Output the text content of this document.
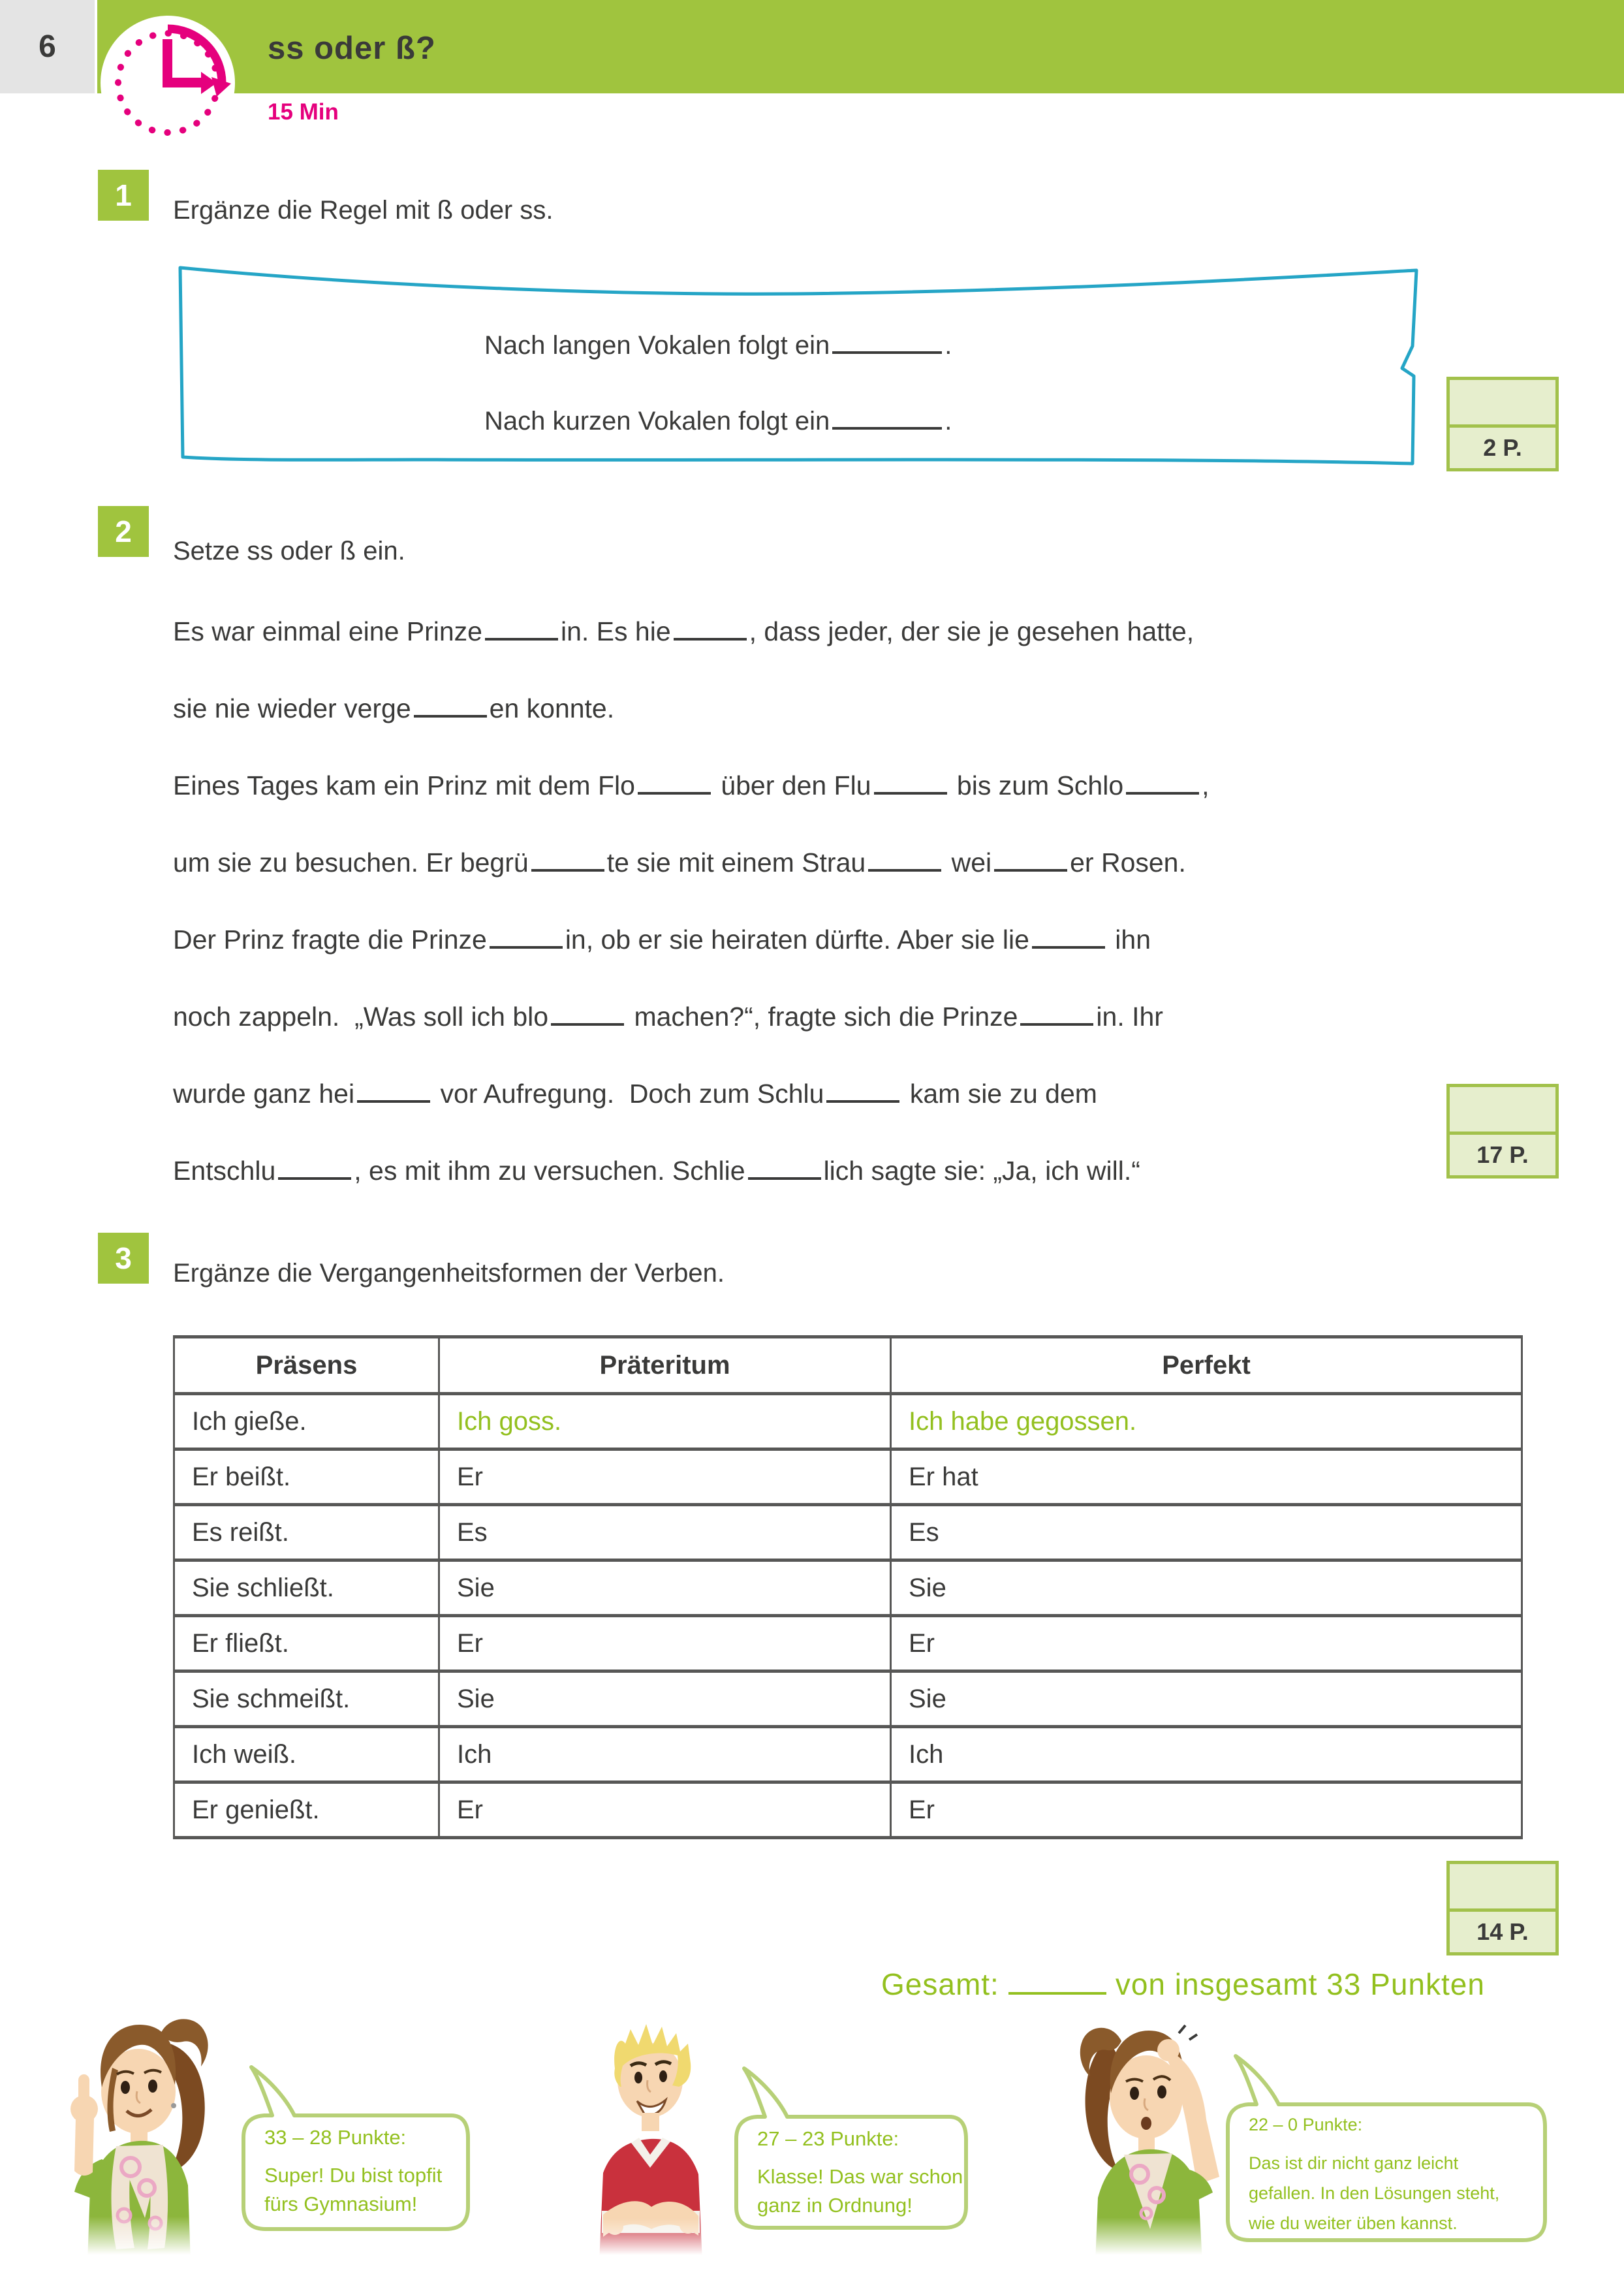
6	ss oder ß?
15 Min
1	Ergänze die Regel mit ß oder ss.
Nach langen Vokalen folgt ein	.
Nach kurzen Vokalen folgt ein	.
2 P.
2
Setze ss oder ß ein.
Es war einmal eine Prinze	in. Es hie	, dass jeder, der sie je gesehen hatte,
sie nie wieder verge	en konnte.
Eines Tages kam ein Prinz mit dem Flo	über den Flu	bis zum Schlo	,
um sie zu besuchen. Er begrü	te sie mit einem Strau	wei	er Rosen.
Der Prinz fragte die Prinze	in, ob er sie heiraten dürfte. Aber sie lie	ihn
noch zappeln.  „Was soll ich blo	machen?“, fragte sich die Prinze	in. Ihr
wurde ganz hei	vor Aufregung.  Doch zum Schlu	kam sie zu dem
Entschlu	, es mit ihm zu versuchen. Schlie	lich sagte sie: „Ja, ich will.“
17 P.
3	Ergänze die Vergangenheitsformen der Verben.
Präsens	Präteritum	Perfekt
Ich gieße.	Ich goss.	Ich habe gegossen.
Er beißt.	Er	Er hat
Es reißt.	Es	Es
Sie schließt.	Sie	Sie
Er fließt.	Er	Er
Sie schmeißt.	Sie	Sie
Ich weiß.	Ich	Ich
Er genießt.	Er	Er
14 P.
Gesamt:	von insgesamt 33 Punkten

33 – 28 Punkte:

Super! Du bist topfit

fürs Gymnasium!

27 – 23 Punkte:

Klasse! Das war schon

ganz in Ordnung!

22 – 0 Punkte:

Das ist dir nicht ganz leicht

gefallen. In den Lösungen steht,

wie du weiter üben kannst.
